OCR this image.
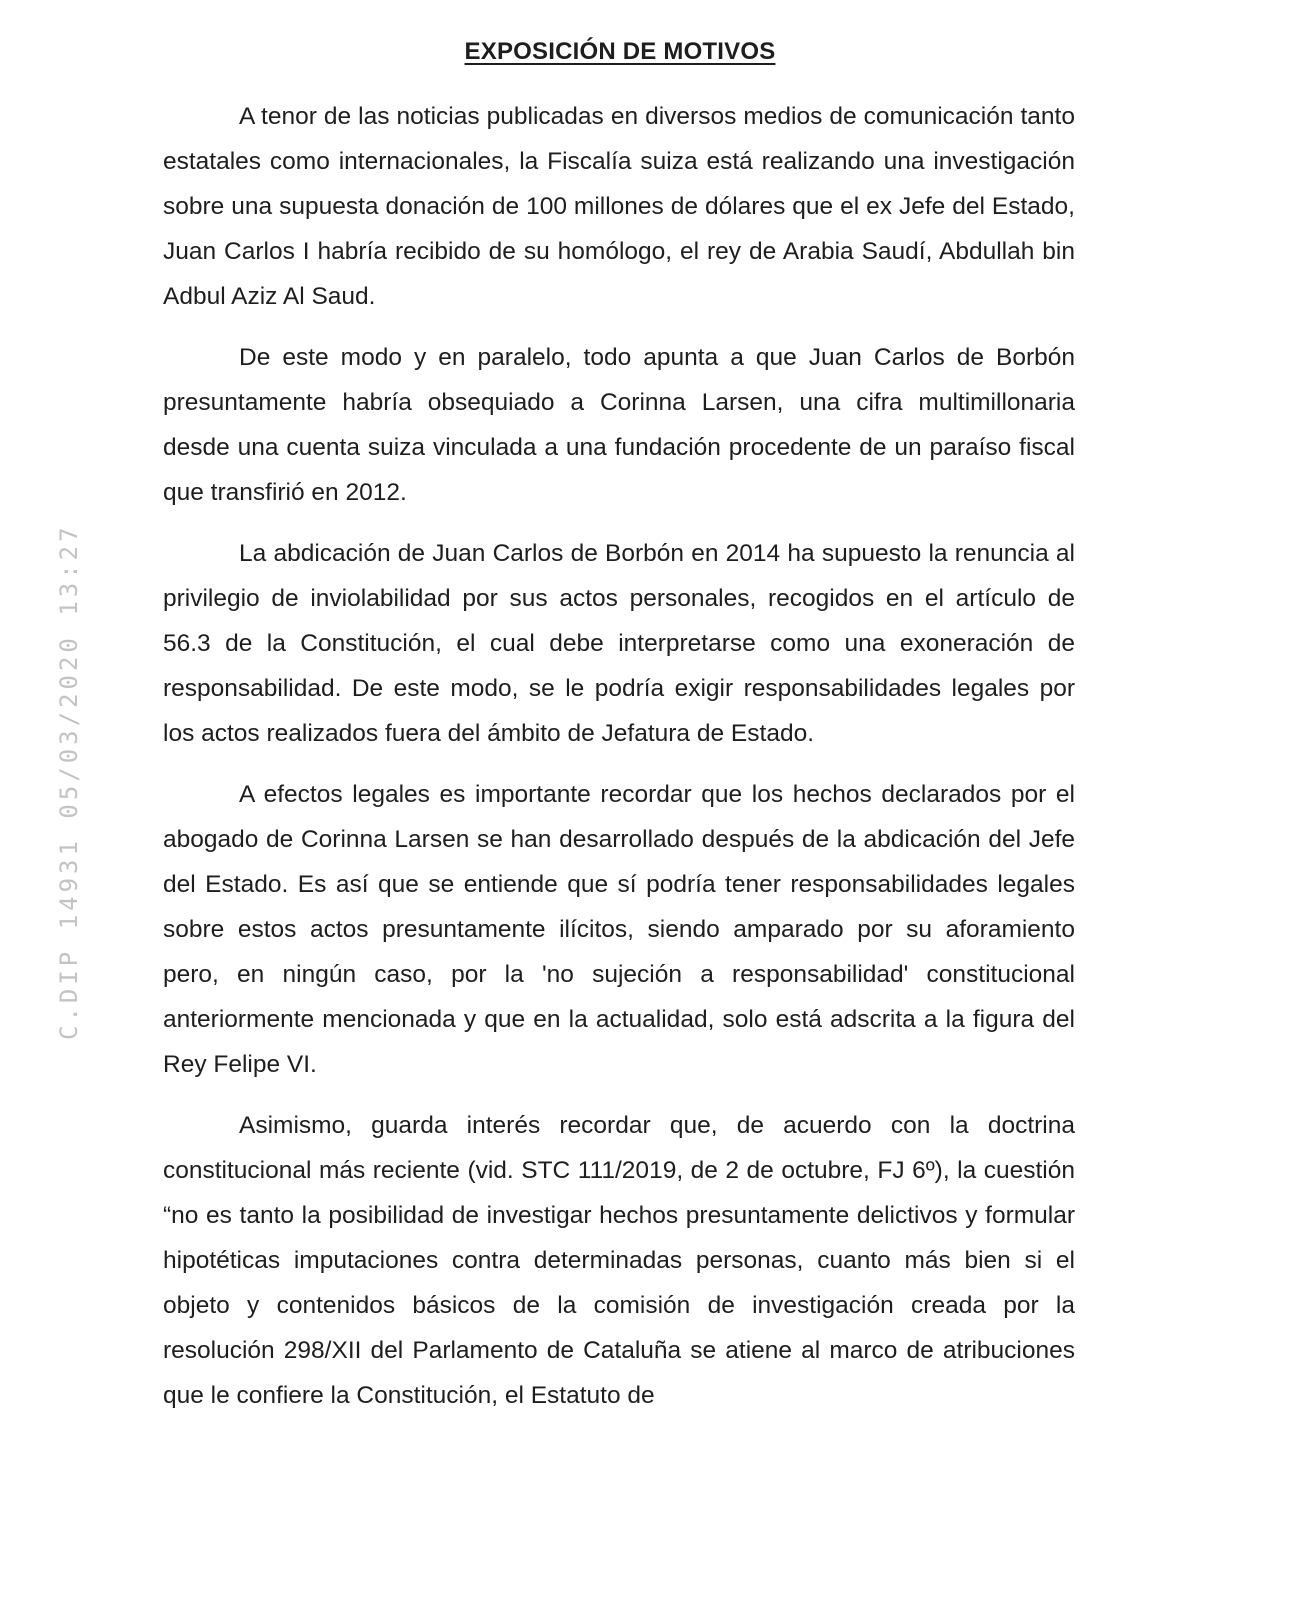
EXPOSICIÓN DE MOTIVOS
C.DIP 14931 05/03/2020 13:27

A tenor de las noticias publicadas en diversos medios de comunicación tanto estatales como internacionales, la Fiscalía suiza está realizando una investigación sobre una supuesta donación de 100 millones de dólares que el ex Jefe del Estado, Juan Carlos I habría recibido de su homólogo, el rey de Arabia Saudí, Abdullah bin Adbul Aziz Al Saud.

De este modo y en paralelo, todo apunta a que Juan Carlos de Borbón presuntamente habría obsequiado a Corinna Larsen, una cifra multimillonaria desde una cuenta suiza vinculada a una fundación procedente de un paraíso fiscal que transfirió en 2012.

La abdicación de Juan Carlos de Borbón en 2014 ha supuesto la renuncia al privilegio de inviolabilidad por sus actos personales, recogidos en el artículo de 56.3 de la Constitución, el cual debe interpretarse como una exoneración de responsabilidad. De este modo, se le podría exigir responsabilidades legales por los actos realizados fuera del ámbito de Jefatura de Estado.

A efectos legales es importante recordar que los hechos declarados por el abogado de Corinna Larsen se han desarrollado después de la abdicación del Jefe del Estado. Es así que se entiende que sí podría tener responsabilidades legales sobre estos actos presuntamente ilícitos, siendo amparado por su aforamiento pero, en ningún caso, por la 'no sujeción a responsabilidad' constitucional anteriormente mencionada y que en la actualidad, solo está adscrita a la figura del Rey Felipe VI.

Asimismo, guarda interés recordar que, de acuerdo con la doctrina constitucional más reciente (vid. STC 111/2019, de 2 de octubre, FJ 6º), la cuestión “no es tanto la posibilidad de investigar hechos presuntamente delictivos y formular hipotéticas imputaciones contra determinadas personas, cuanto más bien si el objeto y contenidos básicos de la comisión de investigación creada por la resolución 298/XII del Parlamento de Cataluña se atiene al marco de atribuciones que le confiere la Constitución, el Estatuto de
